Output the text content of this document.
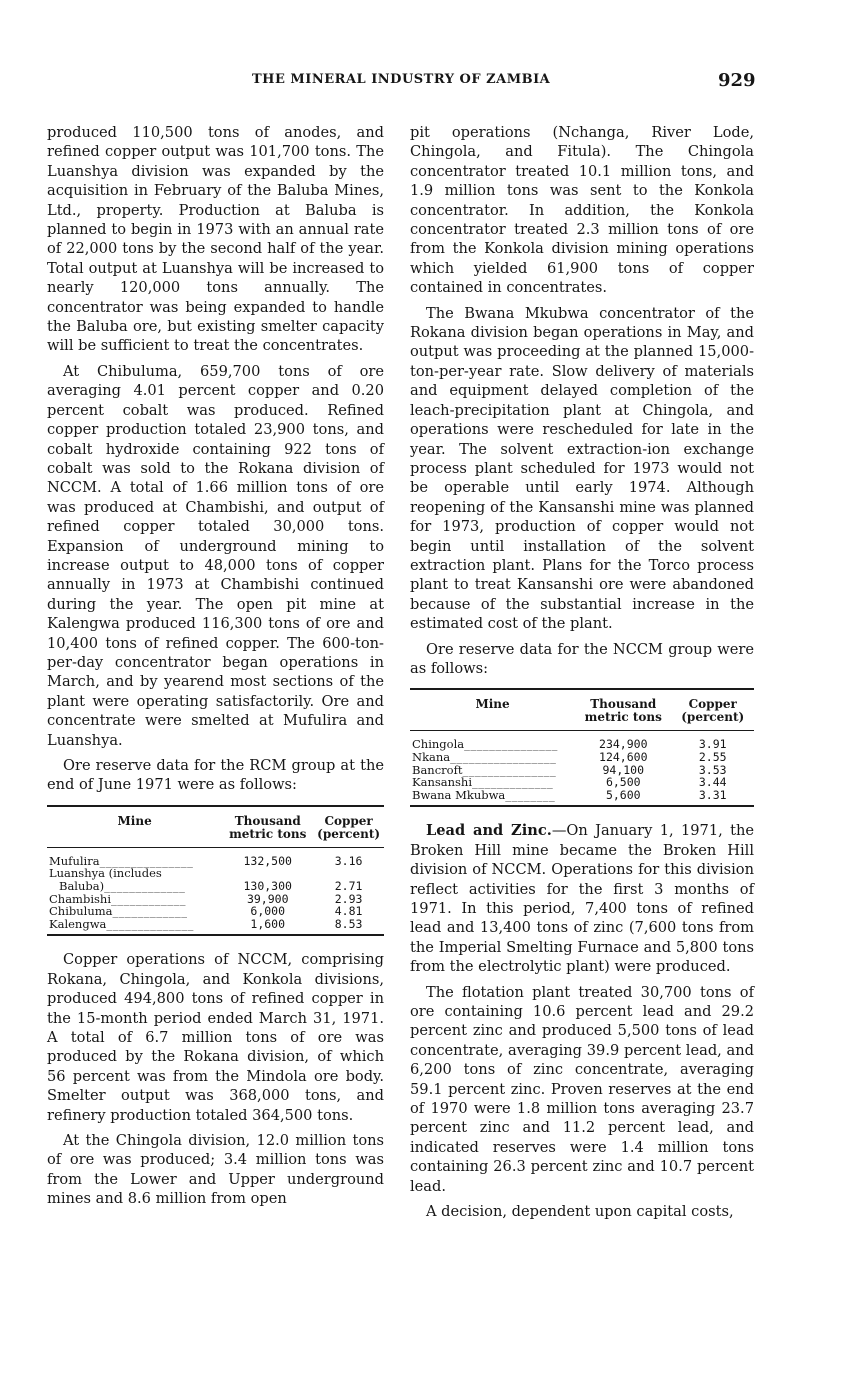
THE MINERAL INDUSTRY OF ZAMBIA	929

produced 110,500 tons of anodes, and refined copper output was 101,700 tons. The Luanshya division was expanded by the acquisition in February of the Baluba Mines, Ltd., property. Production at Baluba is planned to begin in 1973 with an annual rate of 22,000 tons by the second half of the year. Total output at Luanshya will be increased to nearly 120,000 tons annually. The concentrator was being expanded to handle the Baluba ore, but existing smelter capacity will be sufficient to treat the concentrates.

At Chibuluma, 659,700 tons of ore averaging 4.01 percent copper and 0.20 percent cobalt was produced. Refined copper production totaled 23,900 tons, and cobalt hydroxide containing 922 tons of cobalt was sold to the Rokana division of NCCM. A total of 1.66 million tons of ore was produced at Chambishi, and output of refined copper totaled 30,000 tons. Expansion of underground mining to increase output to 48,000 tons of copper annually in 1973 at Chambishi continued during the year. The open pit mine at Kalengwa produced 116,300 tons of ore and 10,400 tons of refined copper. The 600-ton-per-day concentrator began operations in March, and by yearend most sections of the plant were operating satisfactorily. Ore and concentrate were smelted at Mufulira and Luanshya.

Ore reserve data for the RCM group at the end of June 1971 were as follows:

Mine	Thousand metric tons	Copper (percent)
Mufulira_______________	132,500	3.16
Luanshya (includes		
Baluba)_____________	130,300	2.71
Chambishi____________	39,900	2.93
Chibuluma____________	6,000	4.81
Kalengwa______________	1,600	8.53

Copper operations of NCCM, comprising Rokana, Chingola, and Konkola divisions, produced 494,800 tons of refined copper in the 15-month period ended March 31, 1971. A total of 6.7 million tons of ore was produced by the Rokana division, of which 56 percent was from the Mindola ore body. Smelter output was 368,000 tons, and refinery production totaled 364,500 tons.

At the Chingola division, 12.0 million tons of ore was produced; 3.4 million tons was from the Lower and Upper underground mines and 8.6 million from open

pit operations (Nchanga, River Lode, Chingola, and Fitula). The Chingola concentrator treated 10.1 million tons, and 1.9 million tons was sent to the Konkola concentrator. In addition, the Konkola concentrator treated 2.3 million tons of ore from the Konkola division mining operations which yielded 61,900 tons of copper contained in concentrates.

The Bwana Mkubwa concentrator of the Rokana division began operations in May, and output was proceeding at the planned 15,000-ton-per-year rate. Slow delivery of materials and equipment delayed completion of the leach-precipitation plant at Chingola, and operations were rescheduled for late in the year. The solvent extraction-ion exchange process plant scheduled for 1973 would not be operable until early 1974. Although reopening of the Kansanshi mine was planned for 1973, production of copper would not begin until installation of the solvent extraction plant. Plans for the Torco process plant to treat Kansanshi ore were abandoned because of the substantial increase in the estimated cost of the plant.

Ore reserve data for the NCCM group were as follows:

Mine	Thousand metric tons	Copper (percent)
Chingola_______________	234,900	3.91
Nkana_________________	124,600	2.55
Bancroft_______________	94,100	3.53
Kansanshi_____________	6,500	3.44
Bwana Mkubwa________	5,600	3.31

Lead and Zinc.—On January 1, 1971, the Broken Hill mine became the Broken Hill division of NCCM. Operations for this division reflect activities for the first 3 months of 1971. In this period, 7,400 tons of refined lead and 13,400 tons of zinc (7,600 tons from the Imperial Smelting Furnace and 5,800 tons from the electrolytic plant) were produced.

The flotation plant treated 30,700 tons of ore containing 10.6 percent lead and 29.2 percent zinc and produced 5,500 tons of lead concentrate, averaging 39.9 percent lead, and 6,200 tons of zinc concentrate, averaging 59.1 percent zinc. Proven reserves at the end of 1970 were 1.8 million tons averaging 23.7 percent zinc and 11.2 percent lead, and indicated reserves were 1.4 million tons containing 26.3 percent zinc and 10.7 percent lead.

A decision, dependent upon capital costs,
